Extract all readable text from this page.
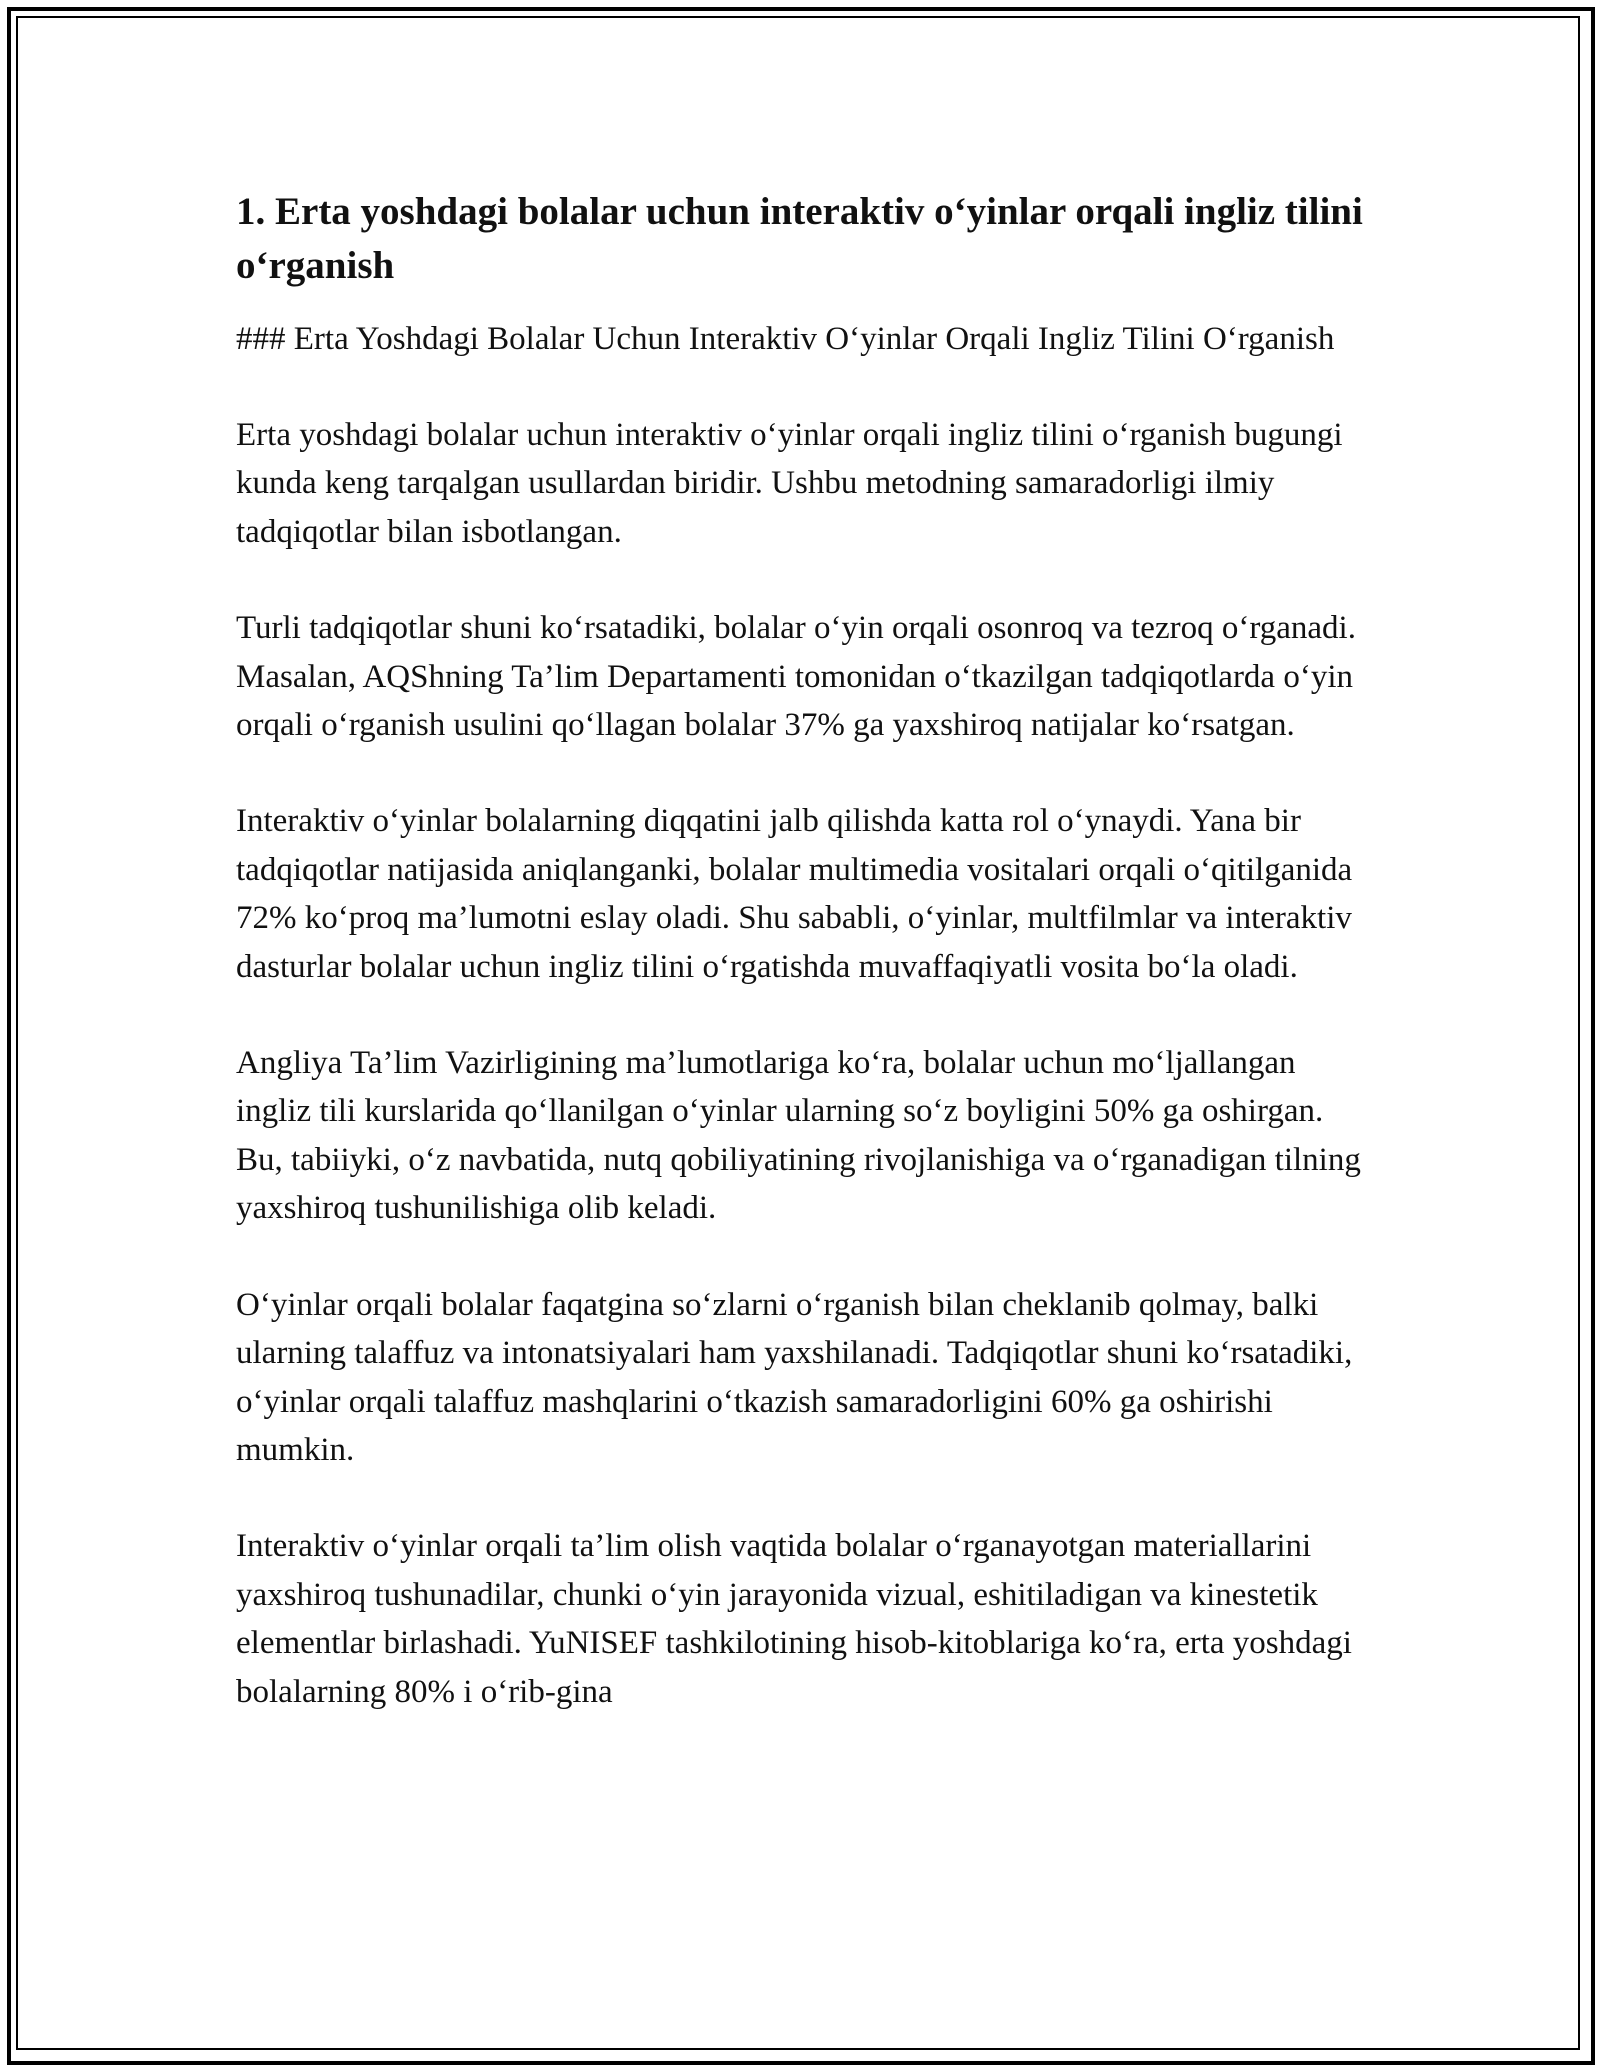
1. Erta yoshdagi bolalar uchun interaktiv o‘yinlar orqali ingliz tilini o‘rganish

### Erta Yoshdagi Bolalar Uchun Interaktiv O‘yinlar Orqali Ingliz Tilini O‘rganish

Erta yoshdagi bolalar uchun interaktiv o‘yinlar orqali ingliz tilini o‘rganish bugungi kunda keng tarqalgan usullardan biridir. Ushbu metodning samaradorligi ilmiy tadqiqotlar bilan isbotlangan.

Turli tadqiqotlar shuni ko‘rsatadiki, bolalar o‘yin orqali osonroq va tezroq o‘rganadi. Masalan, AQShning Ta’lim Departamenti tomonidan o‘tkazilgan tadqiqotlarda o‘yin orqali o‘rganish usulini qo‘llagan bolalar 37% ga yaxshiroq natijalar ko‘rsatgan.

Interaktiv o‘yinlar bolalarning diqqatini jalb qilishda katta rol o‘ynaydi. Yana bir tadqiqotlar natijasida aniqlanganki, bolalar multimedia vositalari orqali o‘qitilganida 72% ko‘proq ma’lumotni eslay oladi. Shu sababli, o‘yinlar, multfilmlar va interaktiv dasturlar bolalar uchun ingliz tilini o‘rgatishda muvaffaqiyatli vosita bo‘la oladi.

Angliya Ta’lim Vazirligining ma’lumotlariga ko‘ra, bolalar uchun mo‘ljallangan ingliz tili kurslarida qo‘llanilgan o‘yinlar ularning so‘z boyligini 50% ga oshirgan. Bu, tabiiyki, o‘z navbatida, nutq qobiliyatining rivojlanishiga va o‘rganadigan tilning yaxshiroq tushunilishiga olib keladi.

O‘yinlar orqali bolalar faqatgina so‘zlarni o‘rganish bilan cheklanib qolmay, balki ularning talaffuz va intonatsiyalari ham yaxshilanadi. Tadqiqotlar shuni ko‘rsatadiki, o‘yinlar orqali talaffuz mashqlarini o‘tkazish samaradorligini 60% ga oshirishi mumkin.

Interaktiv o‘yinlar orqali ta’lim olish vaqtida bolalar o‘rganayotgan materiallarini yaxshiroq tushunadilar, chunki o‘yin jarayonida vizual, eshitiladigan va kinestetik elementlar birlashadi. YuNISEF tashkilotining hisob-kitoblariga ko‘ra, erta yoshdagi bolalarning 80% i o‘rib-gina
